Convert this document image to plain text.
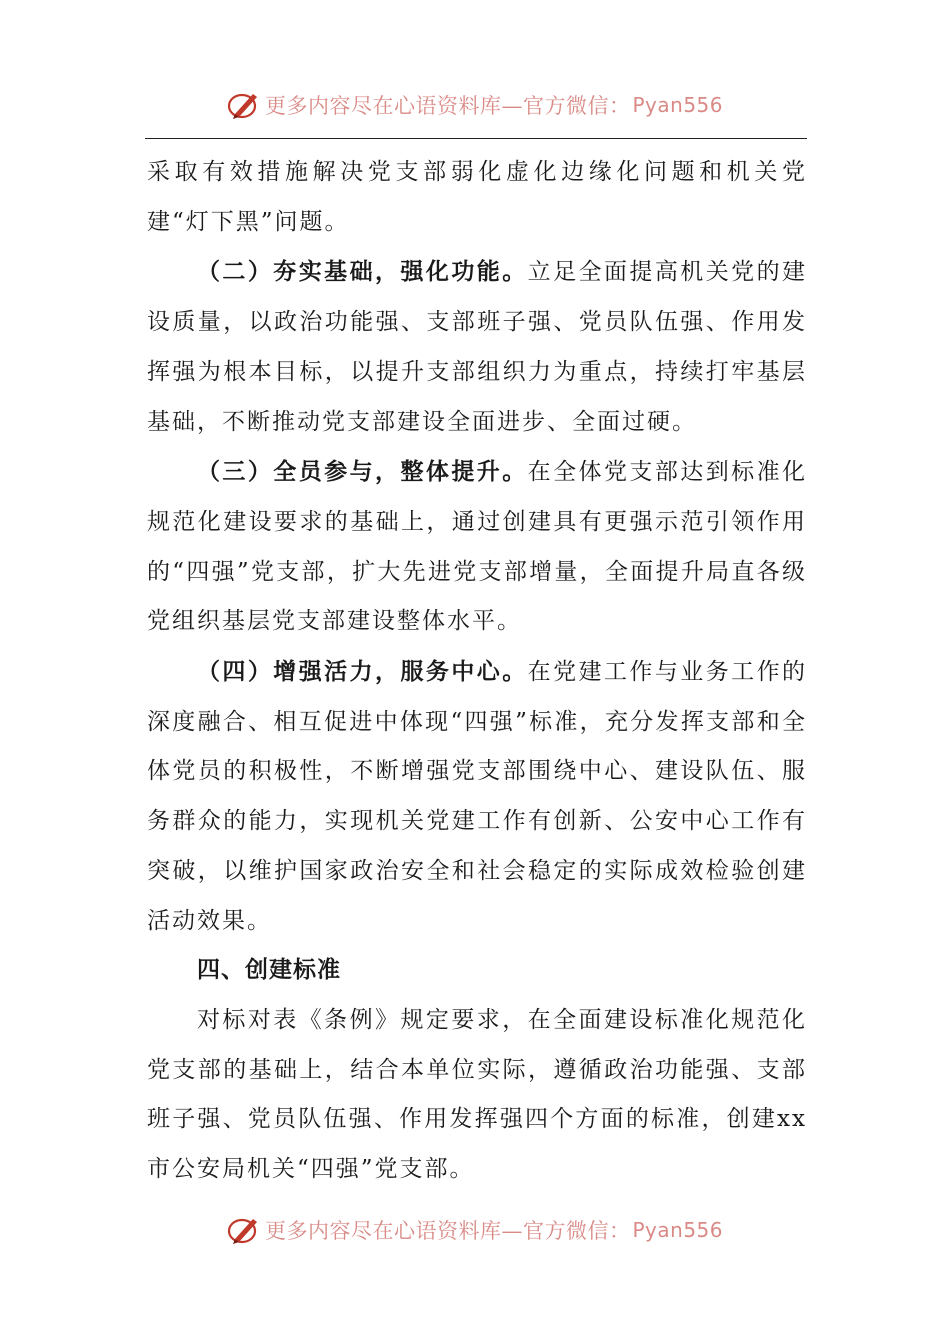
更多内容尽在心语资料库—官方微信： Pyan556

采取有效措施解决党支部弱化虚化边缘化问题和机关党建“灯下黑”问题。

（二）夯实基础，强化功能。立足全面提高机关党的建设质量，以政治功能强、支部班子强、党员队伍强、作用发挥强为根本目标，以提升支部组织力为重点，持续打牢基层基础，不断推动党支部建设全面进步、全面过硬。

（三）全员参与，整体提升。在全体党支部达到标准化规范化建设要求的基础上，通过创建具有更强示范引领作用的“四强”党支部，扩大先进党支部增量，全面提升局直各级党组织基层党支部建设整体水平。

（四）增强活力，服务中心。在党建工作与业务工作的深度融合、相互促进中体现“四强”标准，充分发挥支部和全体党员的积极性，不断增强党支部围绕中心、建设队伍、服务群众的能力，实现机关党建工作有创新、公安中心工作有突破，以维护国家政治安全和社会稳定的实际成效检验创建活动效果。

四、创建标准

对标对表《条例》规定要求，在全面建设标准化规范化党支部的基础上，结合本单位实际，遵循政治功能强、支部班子强、党员队伍强、作用发挥强四个方面的标准，创建xx市公安局机关“四强”党支部。

更多内容尽在心语资料库—官方微信： Pyan556
